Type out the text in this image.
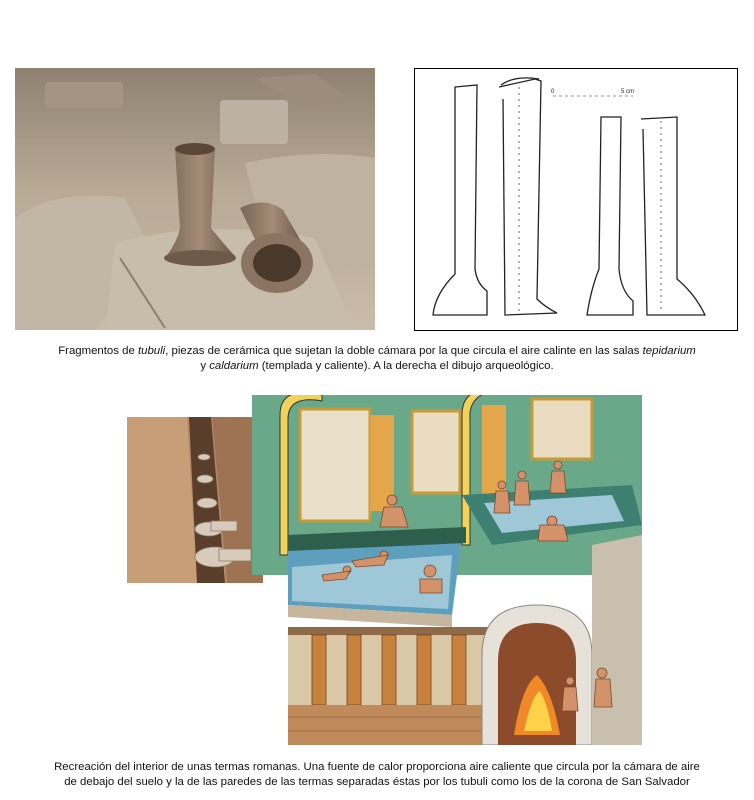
0	5 cm
Fragmentos de tubuli, piezas de cerámica que sujetan la doble cámara por la que circula el aire calinte en las salas tepidarium
y caldarium (templada y caliente). A la derecha el dibujo arqueológico.
Recreación del interior de unas termas romanas. Una fuente de calor proporciona aire caliente que circula por la cámara de aire
de debajo del suelo y la de las paredes de las termas separadas éstas por los tubuli como los de la corona de San Salvador
